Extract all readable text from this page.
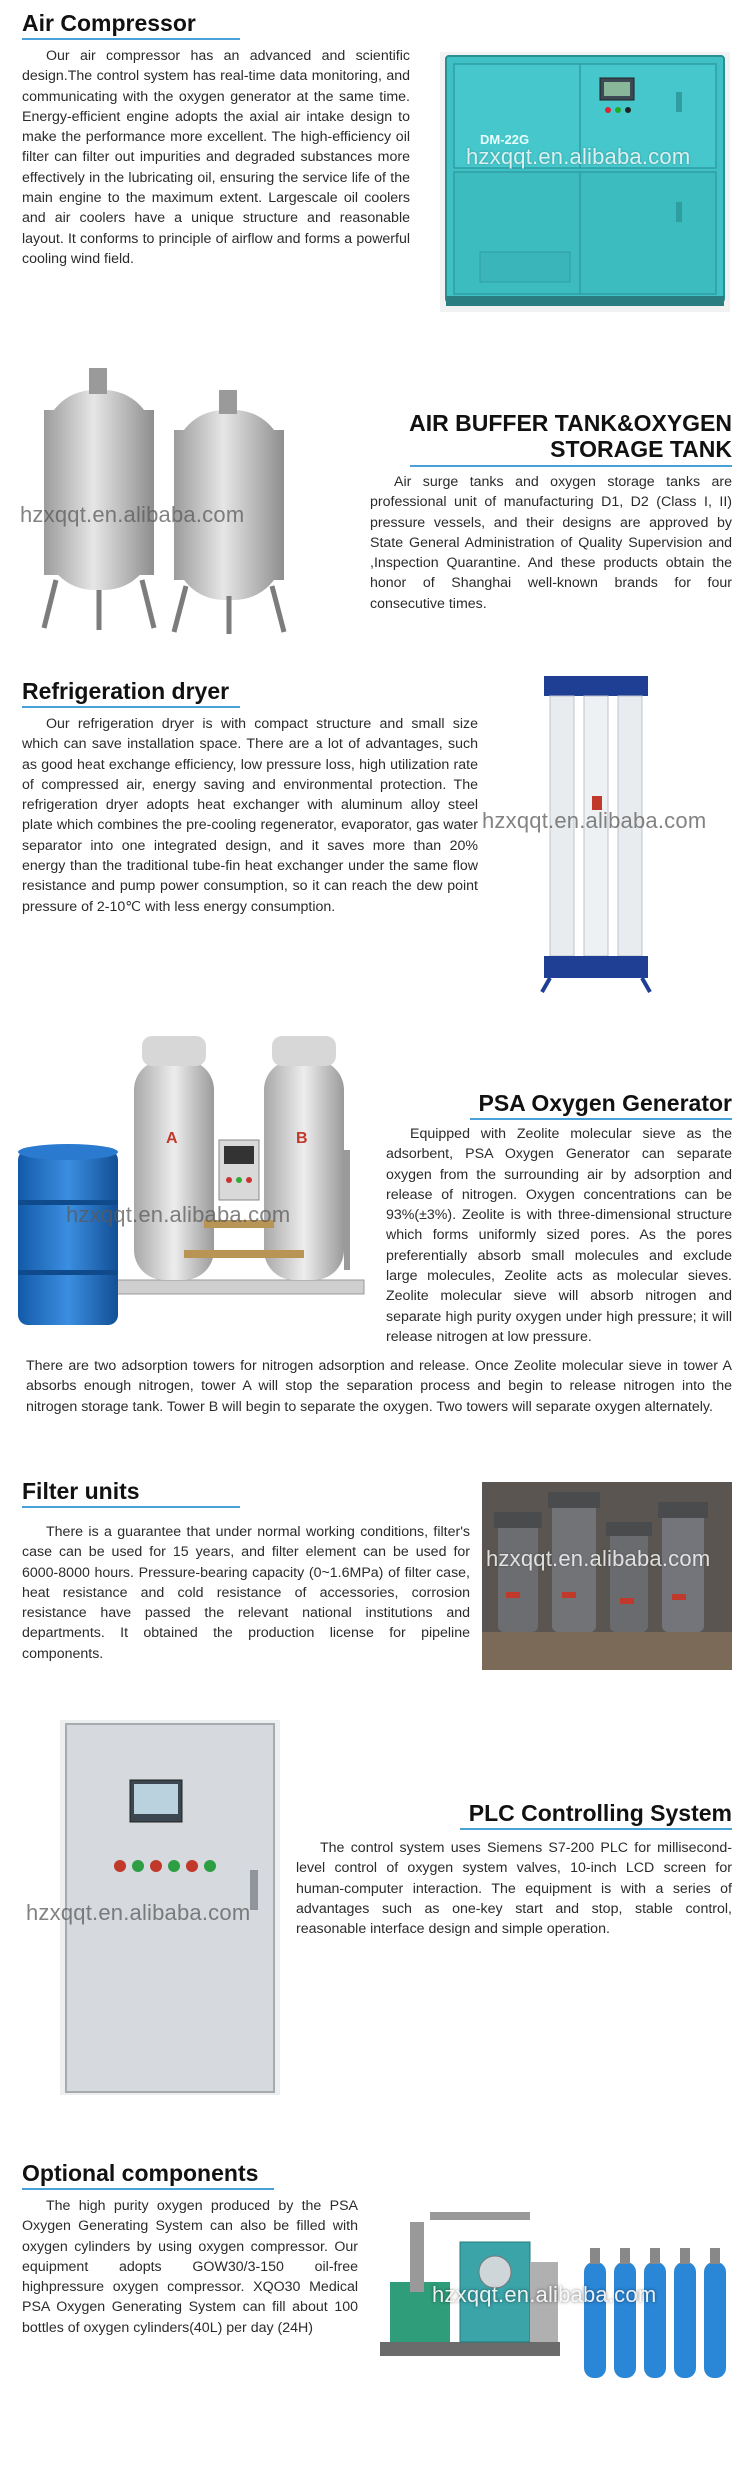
Air Compressor
Our air compressor has an advanced and scientific design.The control system has real-time data monitoring, and communicating with the oxygen generator at the same time. Energy-efficient engine adopts the axial air intake design to make the performance more excellent. The high-efficiency oil filter can filter out impurities and degraded substances more effectively in the lubricating oil, ensuring the service life of the main engine to the maximum extent. Largescale oil coolers and air coolers have a unique structure and reasonable layout. It conforms to principle of airflow and forms a powerful cooling wind field.
DM-22G
hzxqqt.en.alibaba.com
hzxqqt.en.alibaba.com
AIR BUFFER TANK&OXYGEN
STORAGE TANK
Air surge tanks and oxygen storage tanks are professional unit of manufacturing D1, D2 (Class I, II) pressure vessels, and their designs are approved by State General Administration of Quality Supervision and ,Inspection Quarantine. And these products obtain the honor of Shanghai well-known brands for four consecutive times.
Refrigeration dryer
Our refrigeration dryer is with compact structure and small size which can save installation space. There are a lot of advantages, such as good heat exchange efficiency, low pressure loss, high utilization rate of compressed air, energy saving and environmental protection. The refrigeration dryer adopts heat exchanger with aluminum alloy steel plate which combines the pre-cooling regenerator, evaporator, gas water separator into one integrated design, and it saves more than 20% energy than the traditional tube-fin heat exchanger under the same flow resistance and pump power consumption, so it can reach the dew point pressure of 2-10℃ with less energy consumption.
hzxqqt.en.alibaba.com
A	B
hzxqqt.en.alibaba.com
PSA Oxygen Generator
Equipped with Zeolite molecular sieve as the adsorbent, PSA Oxygen Generator can separate oxygen from the surrounding air by adsorption and release of nitrogen. Oxygen concentrations can be 93%(±3%). Zeolite is with three-dimensional structure which forms uniformly sized pores. As the pores preferentially absorb small molecules and exclude large molecules, Zeolite acts as molecular sieves. Zeolite molecular sieve will absorb nitrogen and separate high purity oxygen under high pressure; it will release nitrogen at low pressure.
There are two adsorption towers for nitrogen adsorption and release. Once Zeolite molecular sieve in tower A absorbs enough nitrogen, tower A will stop the separation process and begin to release nitrogen into the nitrogen storage tank. Tower B will begin to separate the oxygen. Two towers will separate oxygen alternately.
Filter units
There is a guarantee that under normal working conditions, filter's case can be used for 15 years, and filter element can be used for 6000-8000 hours. Pressure-bearing capacity (0~1.6MPa) of filter case, heat resistance and cold resistance of accessories, corrosion resistance have passed the relevant national institutions and departments. It obtained the production license for pipeline components.
hzxqqt.en.alibaba.com
hzxqqt.en.alibaba.com
PLC Controlling System
The control system uses Siemens S7-200 PLC for millisecond-level control of oxygen system valves, 10-inch LCD screen for human-computer interaction. The equipment is with a series of advantages such as one-key start and stop, stable control, reasonable interface design and simple operation.
Optional components
The high purity oxygen produced by the PSA Oxygen Generating System can also be filled with oxygen cylinders by using oxygen compressor. Our equipment adopts GOW30/3-150 oil-free highpressure oxygen compressor. XQO30 Medical PSA Oxygen Generating System can fill about 100 bottles of oxygen cylinders(40L) per day (24H)
hzxqqt.en.alibaba.com
